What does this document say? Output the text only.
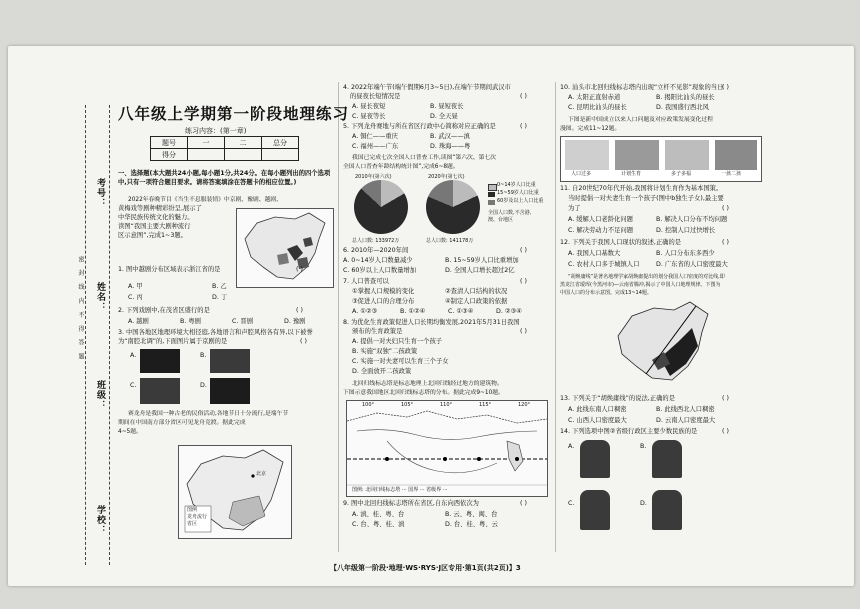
考号：
姓名：
班级：
学校：
密 封 线 内 不 得 答 题
八年级上学期第一阶段地理练习
练习内容：(第一章)
题号	一	二	总分
得分			
一、选择题(本大题共24小题,每小题1分,共24分。在每小题列出的四个选项中,只有一项符合题目要求。请将答案填涂在答题卡的相应位置。)
2022年春晚节目《当生不息服装情》中京剧、豫剧、越剧、
黄梅戏等剧种精彩纷呈,展示了
中华民族传统文化的魅力。
读图“我国主要大剧种流行
区示意图”,完成1~3题。
1. 图中越剧分布区域表示浙江省的是	( )
A. 甲	B. 乙
C. 丙	D. 丁
2. 下列戏剧中,在茂省区盛行的是	( )
A. 越剧	B. 粤剧	C. 晋剧	D. 豫剧
3. 中国各地区地理环境大相径庭,各地语言和声腔风格各有异,以下被誉为“南腔北调”的,下面图片属于京剧的是	( )
A.	B.
C.	D.
赛龙舟是我国一种古老的民俗活动,各地节日十分流行,是端午节
期间在中国南方部分省区可见龙舟竞渡。据此完成
4~5题。
图例
龙舟流行
省区
北京
4. 2022年端午节(端午假期6月3~5日),在端午节期间武汉市
的昼夜长短情况是	( )
A. 昼长夜短	B. 昼短夜长
C. 昼夜等长	D. 全天昼
5. 下列龙舟赛地与所在省区行政中心简称对应正确的是	( )
A. 铜仁——重庆	B. 武汉——滇
C. 福州——广东	D. 珠海——粤
我国已完成七次全国人口普查工作,读图“第六次、第七次
全国人口普查年龄结构统计图”,完成6~8题。
2010年(第六次)
总人口数: 133972万
2020年(第七次)
总人口数: 141178万
0~14岁人口比重
15~59岁人口比重
60岁及以上人口比重
全国人口数,不含港、澳、台地区
6. 2010年—2020年间	( )
A. 0~14岁人口数量减少	B. 15~59岁人口比重增加
C. 60岁以上人口数量增加	D. 全国人口增长超过2亿
7. 人口普查可以	( )
①掌握人口规模的变化	②查清人口结构的状况
③促进人口的合理分布	④制定人口政策的依据
A. ①②③	B. ①②④	C. ①③④	D. ②③④
8. 为优化生育政策促进人口长期均衡发展,2021年5月31日我国
颁布的生育政策是	( )
A. 提倡一对夫妇只生育一个孩子
B. 实施“双独”二孩政策
C. 实施一对夫妻可以生育三个子女
D. 全面放开二孩政策
北回归线标志塔是标志地理上北回归线经过地方的建筑物。
下图示意我国地区北回归线标志塔的分布。据此完成9~10题。
100°	105°	110°	115°	120°
图例: 北回归线标志塔 ··· 国界 ··· 省级界 ···
9. 图中北回归线标志塔所在省区,自东向西依次为	( )
A. 滇、桂、粤、台	B. 云、粤、闽、台
C. 台、粤、桂、滇	D. 台、桂、粤、云
10. 汕头市北回归线标志塔内出现“立杆不见影”现象的当日
( )
A. 太阳正直射赤道	B. 揭阳比汕头的昼长
C. 昆明比汕头的昼长	D. 我国盛行西北风
下图是新中国成立以来人口问题及对应政策发展变化过程
漫图。完成11~12题。
人口过多	计划生育	多子多福	一孩二孩
11. 自20世纪70年代开始,我国将计划生育作为基本国策。
当时提倡一对夫妻生育一个孩子(图中b独生子女),最主要
为了	( )
A. 缓解人口老龄化问题	B. 解决人口分布不均问题
C. 解决劳动力不足问题	D. 控制人口过快增长
12. 下列关于我国人口现状的叙述,正确的是	( )
A. 我国人口基数大	B. 人口分布东多西少
C. 农村人口多于城镇人口	D. 广东省的人口密度最大
“胡焕庸线”是著名地理学家胡焕庸提出的划分我国人口密度的对比线,即
黑龙江省瑷珲(今黑河市)—云南省腾冲,揭示了中国人口地理规律。下图为
中国人口的分布示意图。完成13~14题。
13. 下列关于“胡焕庸线”的说法,正确的是	( )
A. 此线东南人口稠密	B. 此线西北人口稠密
C. 山西人口密度最大	D. 云南人口密度最大
14. 下列选项中图②省级行政区主要少数民族的是	( )
A.	B.
C.	D.
【八年级第一阶段·地理·WS·RYS·J区专用·第1页(共2页)】3
